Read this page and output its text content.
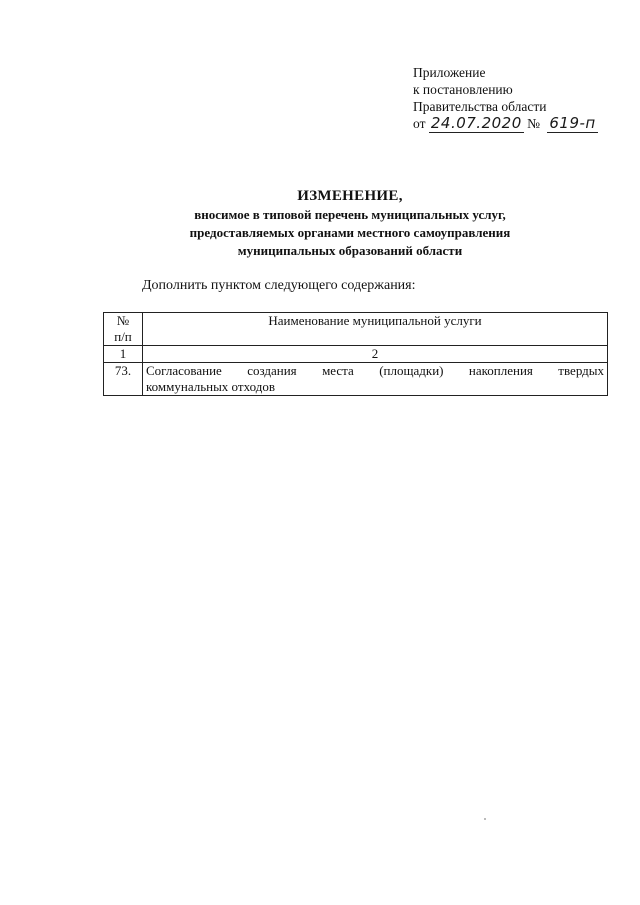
Приложение
к постановлению
Правительства области
от 24.07.2020 № 619-п
ИЗМЕНЕНИЕ,
вносимое в типовой перечень муниципальных услуг,
предоставляемых органами местного самоуправления
муниципальных образований области
Дополнить пунктом следующего содержания:
№
п/п	Наименование муниципальной услуги
1	2
73.	Согласование создания места (площадки) накопления твердых
коммунальных отходов
